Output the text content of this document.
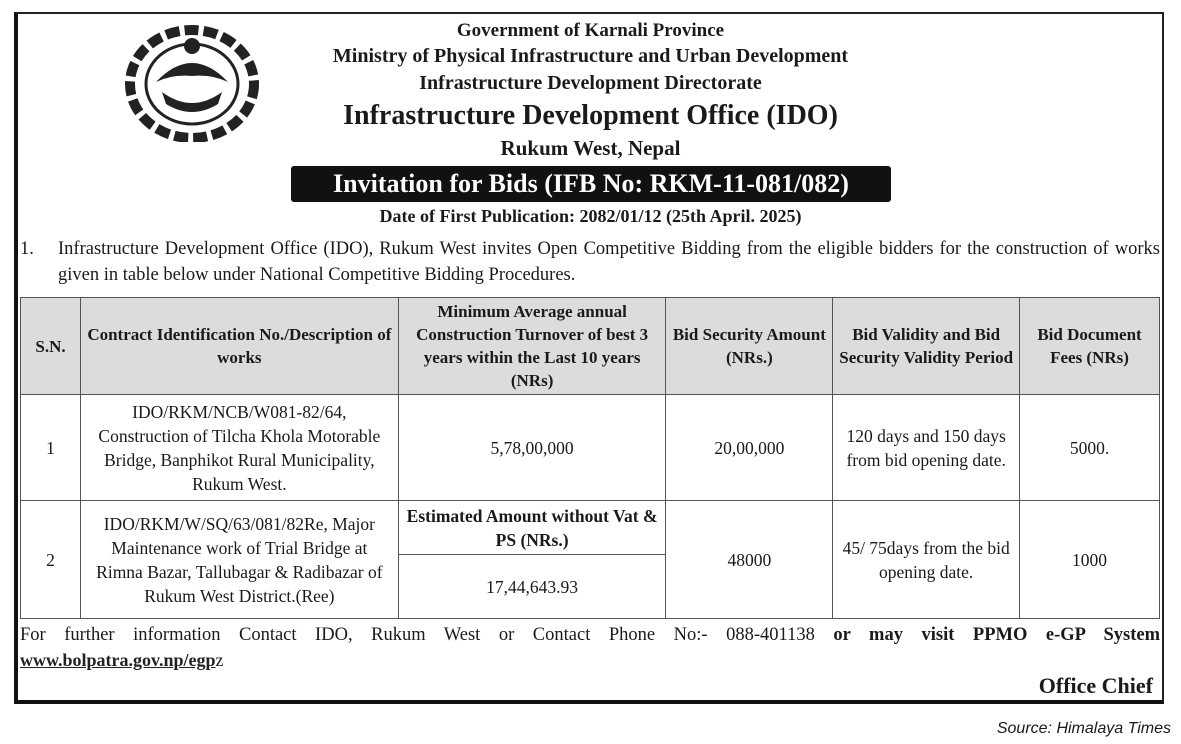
Government of Karnali Province
Ministry of Physical Infrastructure and Urban Development
Infrastructure Development Directorate
Infrastructure Development Office (IDO)
Rukum West, Nepal
Invitation for Bids (IFB No: RKM-11-081/082)
Date of First Publication: 2082/01/12 (25th April. 2025)
1. Infrastructure Development Office (IDO), Rukum West invites Open Competitive Bidding from the eligible bidders for the construction of works given in table below under National Competitive Bidding Procedures.
S.N.	Contract Identification No./Description of works	Minimum Average annual Construction Turnover of best 3 years within the Last 10 years (NRs)	Bid Security Amount (NRs.)	Bid Validity and Bid Security Validity Period	Bid Document Fees (NRs)
1	IDO/RKM/NCB/W081-82/64, Construction of Tilcha Khola Motorable Bridge, Banphikot Rural Municipality, Rukum West.	5,78,00,000	20,00,000	120 days and 150 days from bid opening date.	5000.
2	IDO/RKM/W/SQ/63/081/82Re, Major Maintenance work of Trial Bridge at Rimna Bazar, Tallubagar & Radibazar of Rukum West District.(Ree)	Estimated Amount without Vat & PS (NRs.)	48000	45/ 75days from the bid opening date.	1000
		17,44,643.93			
For further information Contact IDO, Rukum West or Contact Phone No:- 088-401138 or may visit PPMO e-GP System
www.bolpatra.gov.np/egpz
Office Chief
Source: Himalaya Times
